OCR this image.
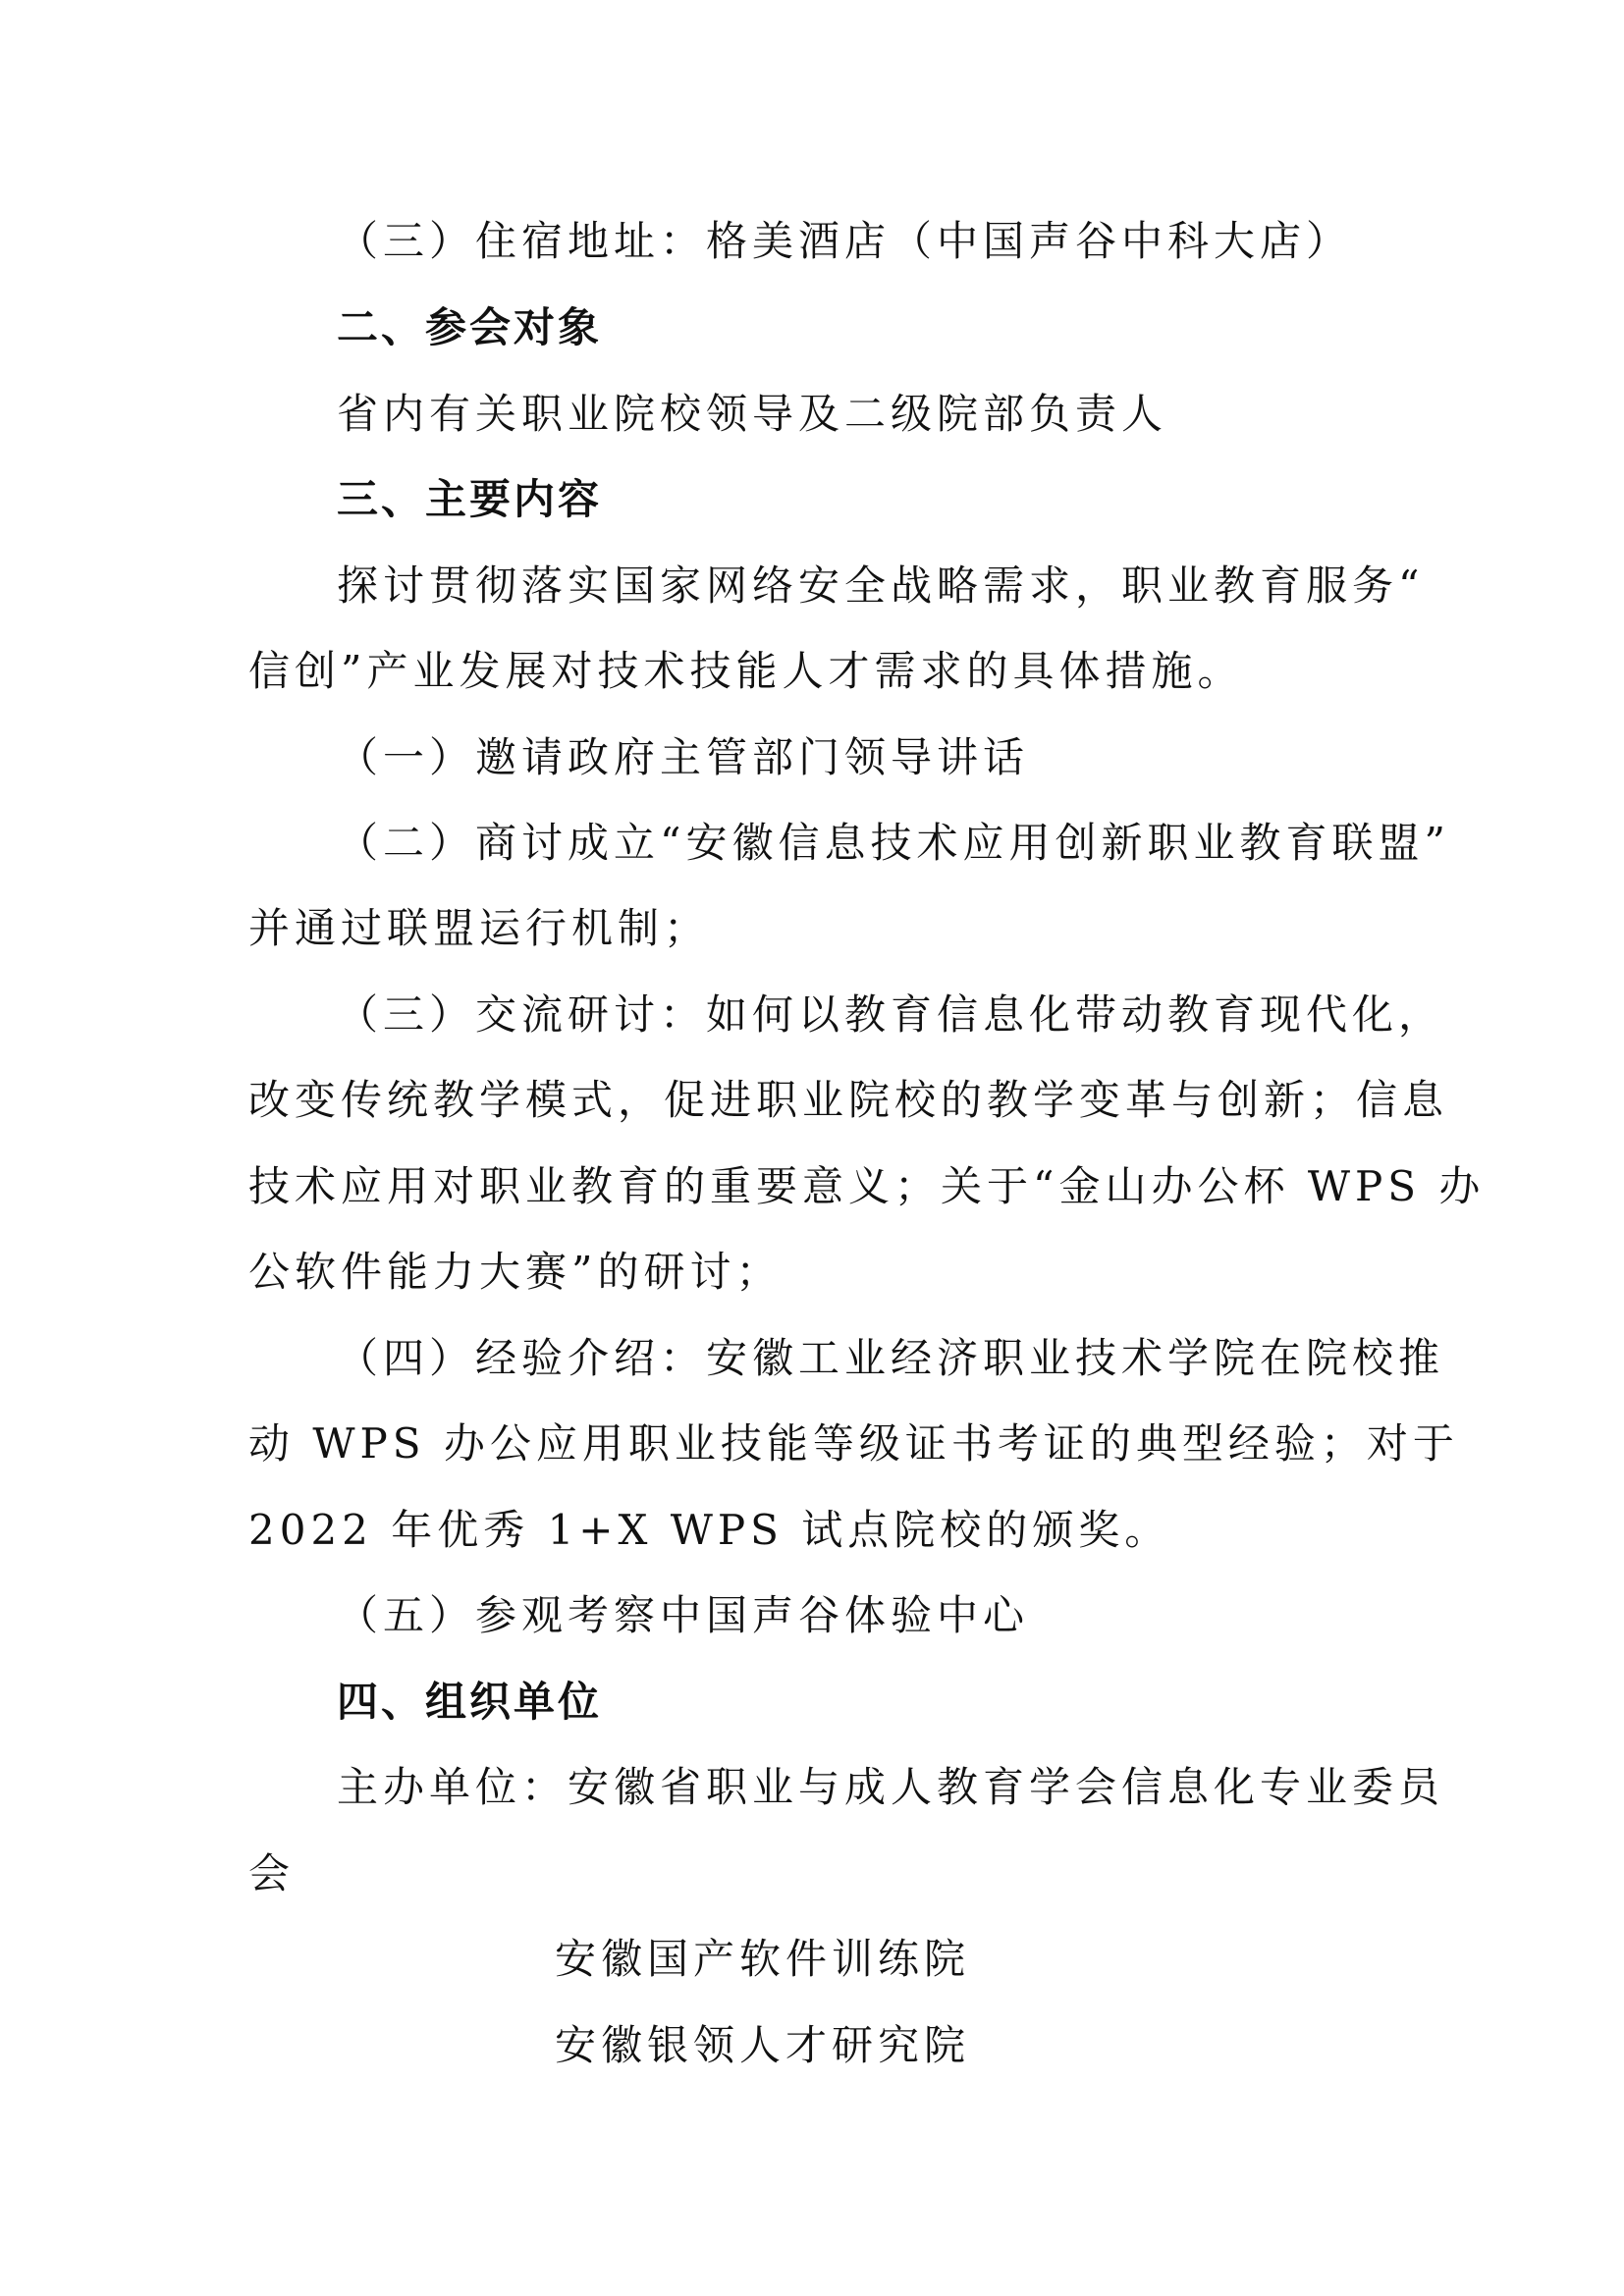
（三）住宿地址：格美酒店（中国声谷中科大店）
二、参会对象
省内有关职业院校领导及二级院部负责人
三、主要内容
探讨贯彻落实国家网络安全战略需求，职业教育服务“
信创”产业发展对技术技能人才需求的具体措施。
（一）邀请政府主管部门领导讲话
（二）商讨成立“安徽信息技术应用创新职业教育联盟”
并通过联盟运行机制；
（三）交流研讨：如何以教育信息化带动教育现代化，
改变传统教学模式，促进职业院校的教学变革与创新；信息
技术应用对职业教育的重要意义；关于“金山办公杯 WPS 办
公软件能力大赛”的研讨；
（四）经验介绍：安徽工业经济职业技术学院在院校推
动 WPS 办公应用职业技能等级证书考证的典型经验；对于
2022 年优秀 1+X WPS 试点院校的颁奖。
（五）参观考察中国声谷体验中心
四、组织单位
主办单位：安徽省职业与成人教育学会信息化专业委员
会
安徽国产软件训练院
安徽银领人才研究院
